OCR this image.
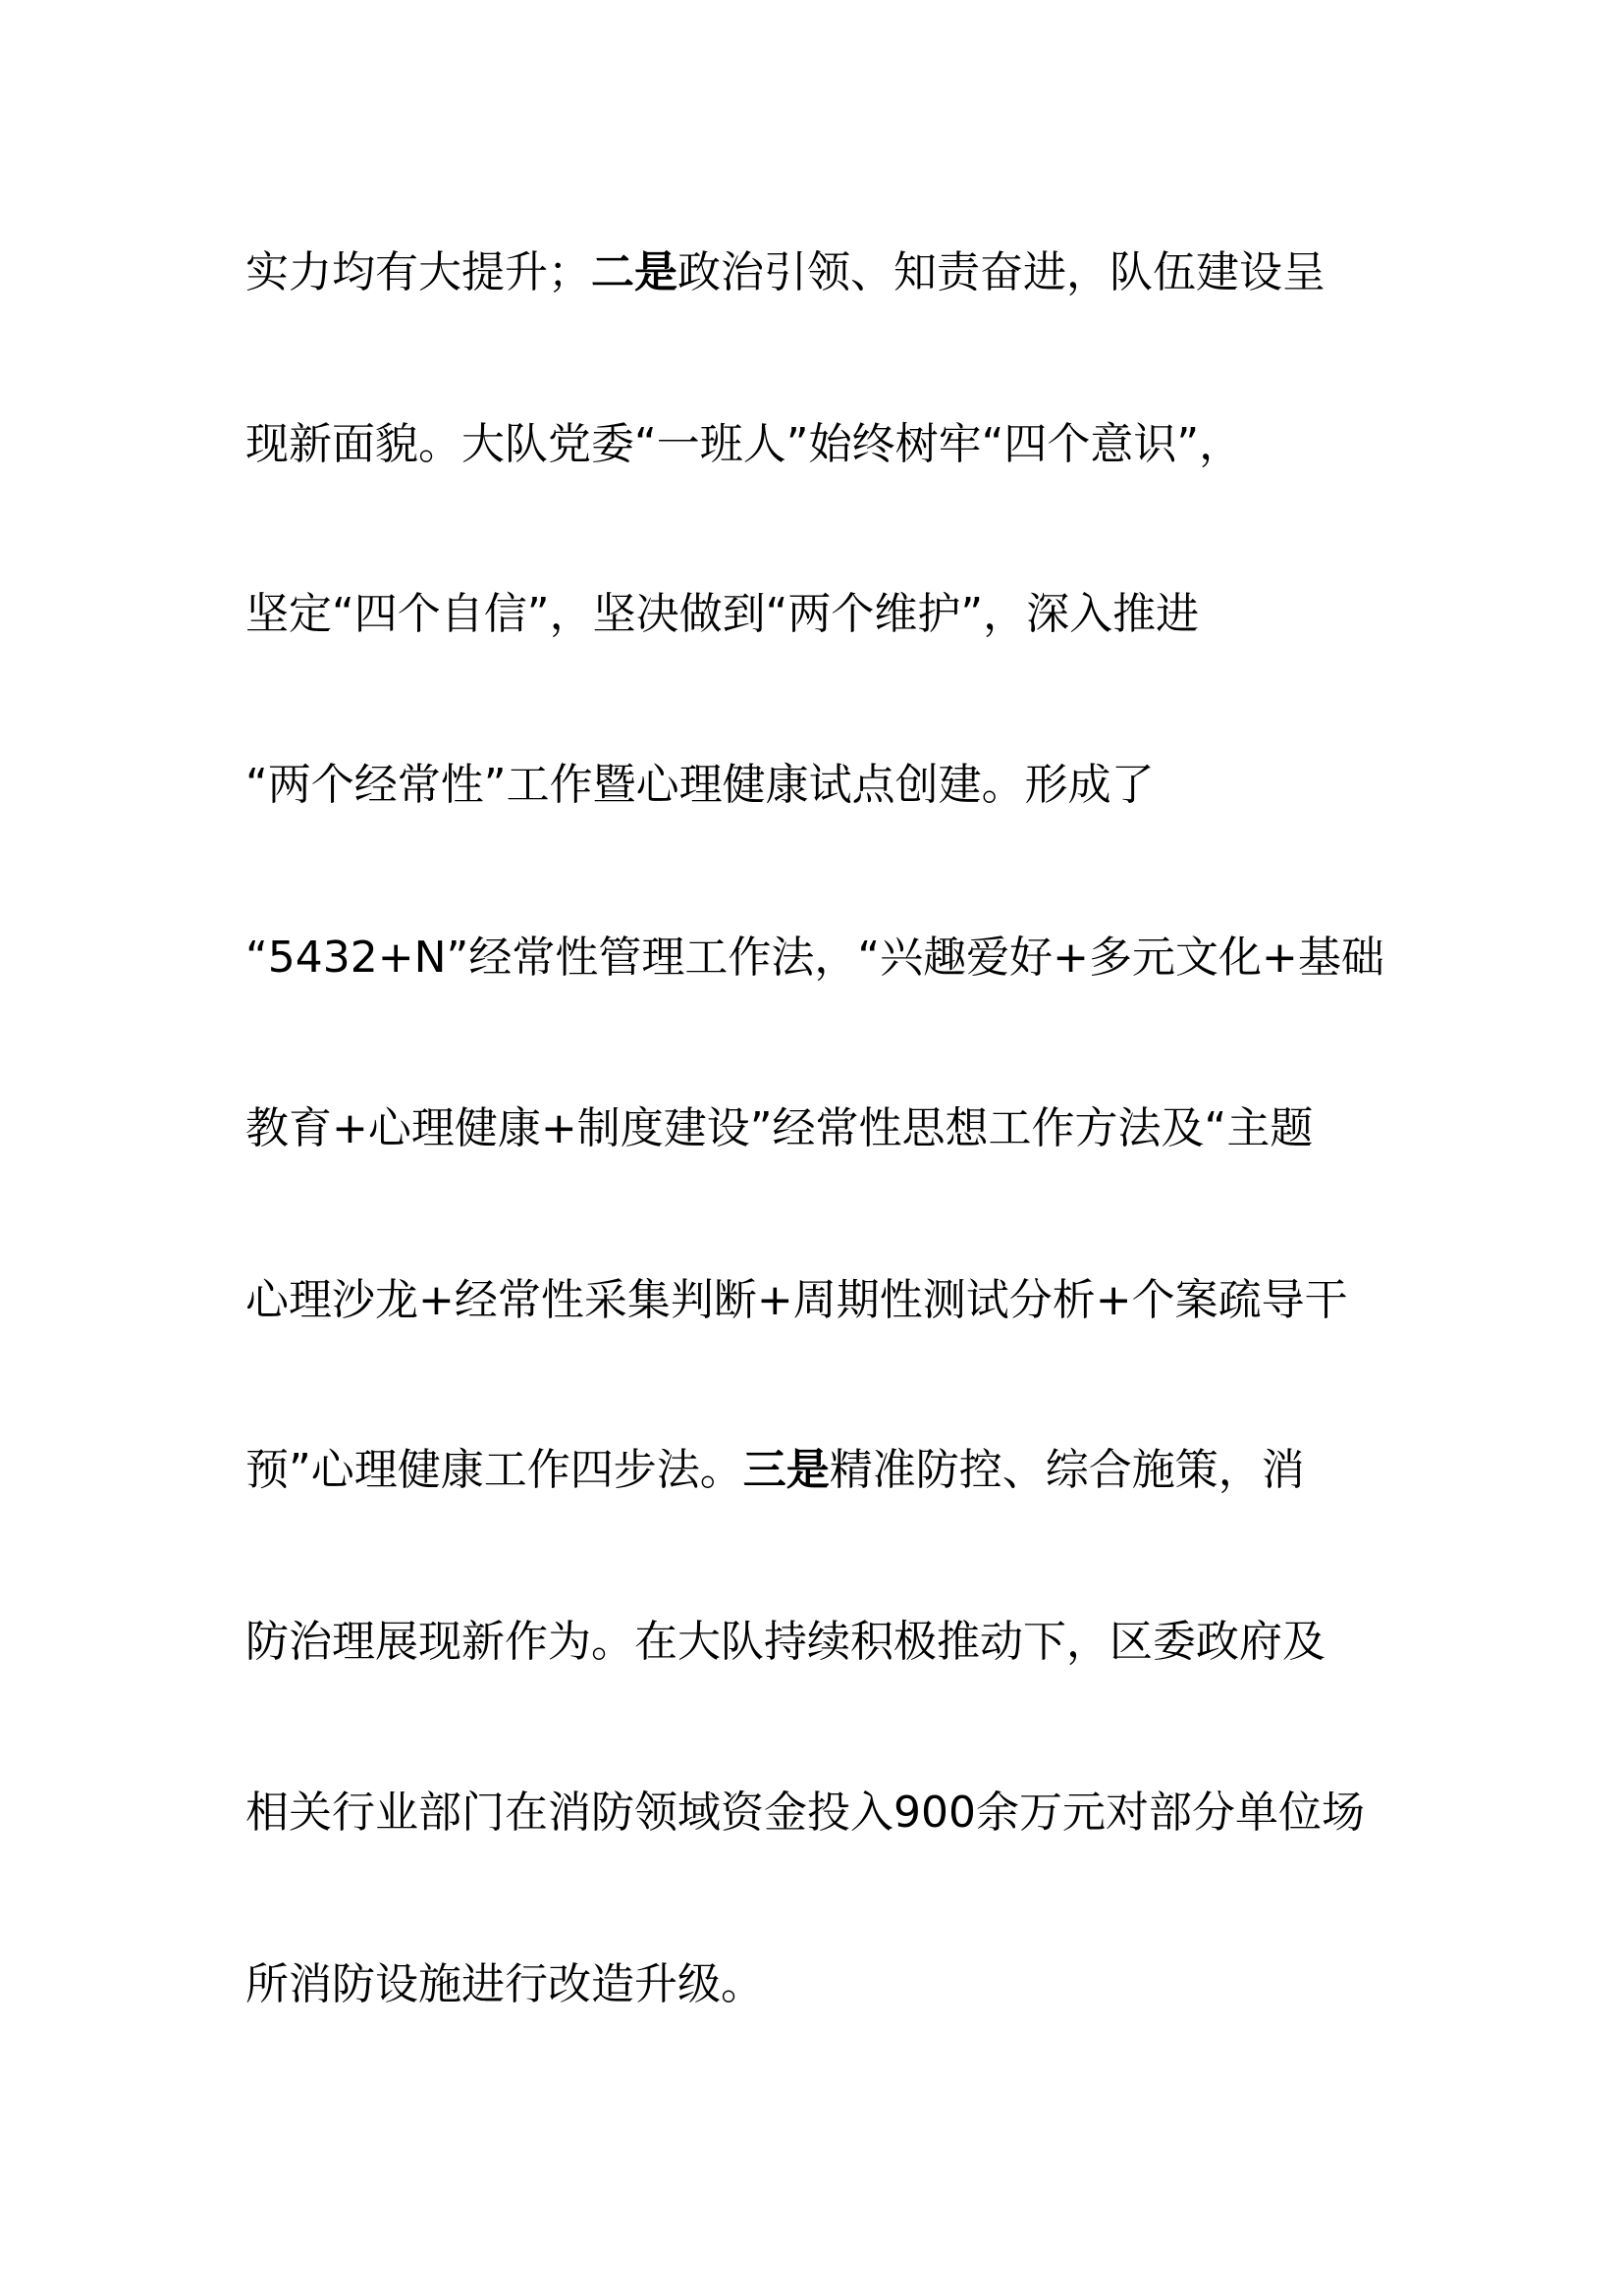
实力均有大提升；二是政治引领、知责奋进，队伍建设呈
现新面貌。大队党委“一班人”始终树牢“四个意识”，
坚定“四个自信”，坚决做到“两个维护”，深入推进
“两个经常性”工作暨心理健康试点创建。形成了
“5432+N”经常性管理工作法，“兴趣爱好+多元文化+基础
教育+心理健康+制度建设”经常性思想工作方法及“主题
心理沙龙+经常性采集判断+周期性测试分析+个案疏导干
预”心理健康工作四步法。三是精准防控、综合施策，消
防治理展现新作为。在大队持续积极推动下，区委政府及
相关行业部门在消防领域资金投入900余万元对部分单位场
所消防设施进行改造升级。
